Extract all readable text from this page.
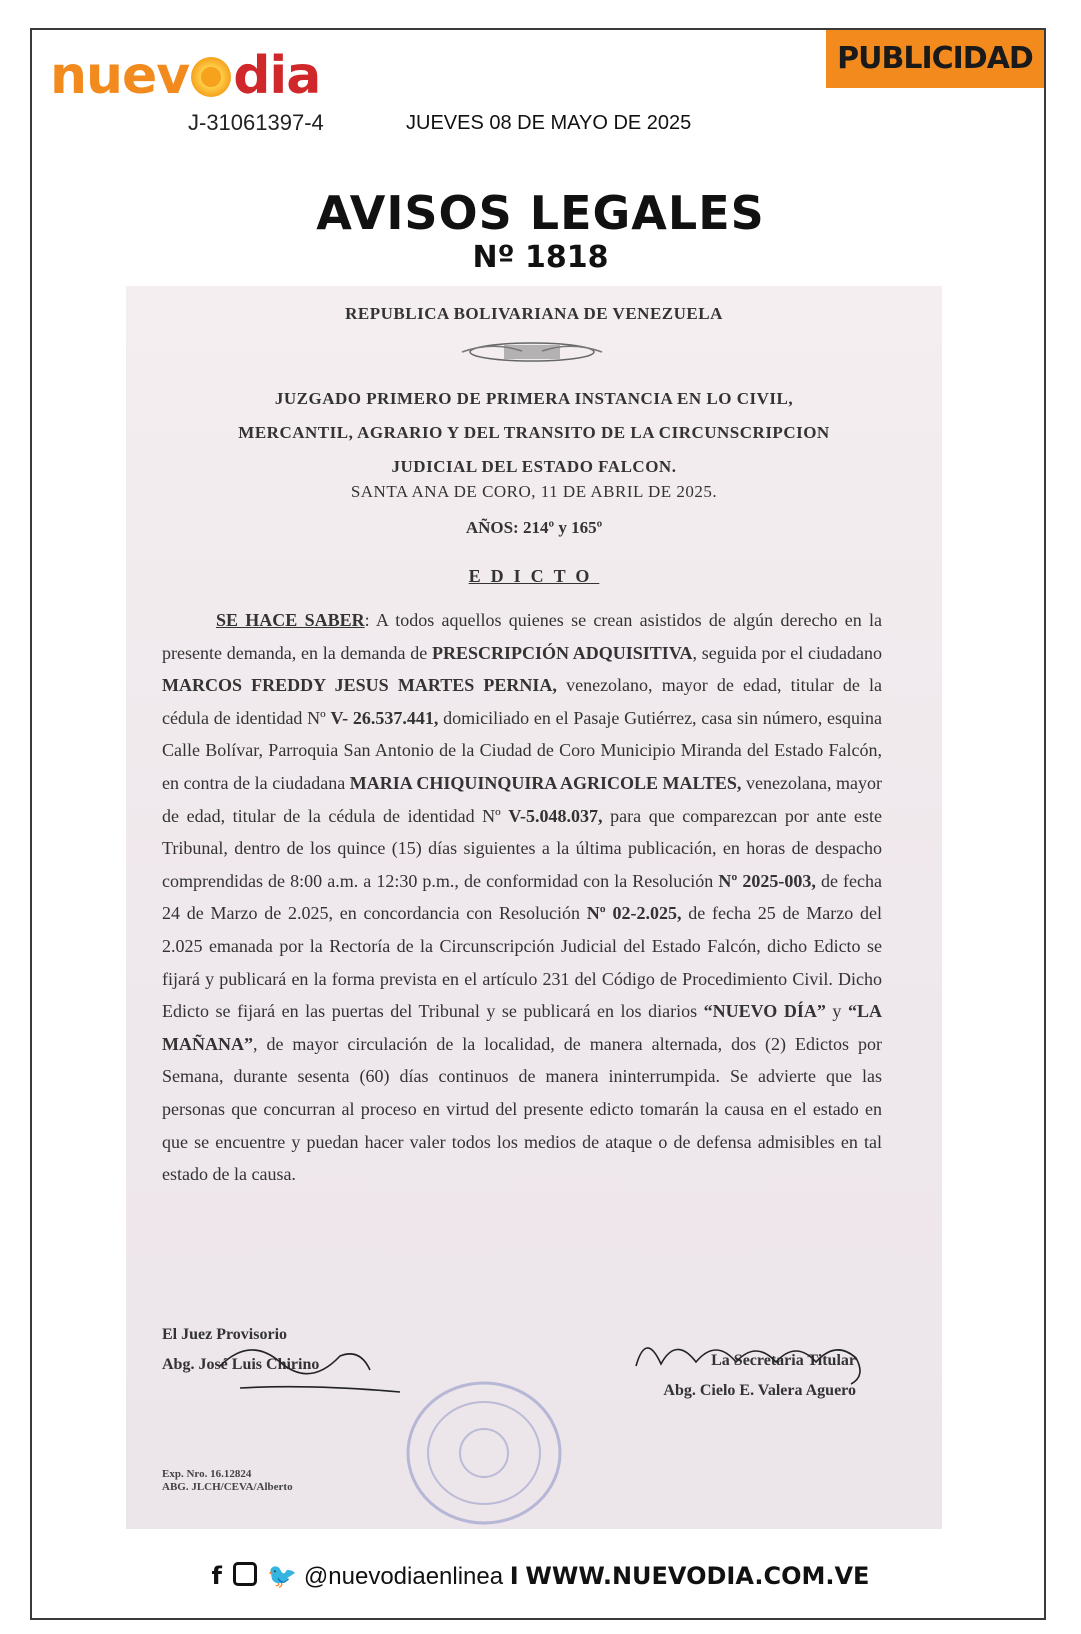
nuev dia
J-31061397-4	JUEVES 08 DE MAYO DE 2025
PUBLICIDAD
AVISOS LEGALES
Nº 1818
REPUBLICA BOLIVARIANA DE VENEZUELA
JUZGADO PRIMERO DE PRIMERA INSTANCIA EN LO CIVIL,
MERCANTIL, AGRARIO Y DEL TRANSITO DE LA CIRCUNSCRIPCION
JUDICIAL DEL ESTADO FALCON.
SANTA ANA DE CORO, 11 DE ABRIL DE 2025.
AÑOS: 214º y 165º
EDICTO
SE HACE SABER: A todos aquellos quienes se crean asistidos de algún derecho en la presente demanda, en la demanda de PRESCRIPCIÓN ADQUISITIVA, seguida por el ciudadano MARCOS FREDDY JESUS MARTES PERNIA, venezolano, mayor de edad, titular de la cédula de identidad Nº V- 26.537.441, domiciliado en el Pasaje Gutiérrez, casa sin número, esquina Calle Bolívar, Parroquia San Antonio de la Ciudad de Coro Municipio Miranda del Estado Falcón, en contra de la ciudadana MARIA CHIQUINQUIRA AGRICOLE MALTES, venezolana, mayor de edad, titular de la cédula de identidad Nº V-5.048.037, para que comparezcan por ante este Tribunal, dentro de los quince (15) días siguientes a la última publicación, en horas de despacho comprendidas de 8:00 a.m. a 12:30 p.m., de conformidad con la Resolución Nº 2025-003, de fecha 24 de Marzo de 2.025, en concordancia con Resolución Nº 02-2.025, de fecha 25 de Marzo del 2.025 emanada por la Rectoría de la Circunscripción Judicial del Estado Falcón, dicho Edicto se fijará y publicará en la forma prevista en el artículo 231 del Código de Procedimiento Civil. Dicho Edicto se fijará en las puertas del Tribunal y se publicará en los diarios “NUEVO DÍA” y “LA MAÑANA”, de mayor circulación de la localidad, de manera alternada, dos (2) Edictos por Semana, durante sesenta (60) días continuos de manera ininterrumpida. Se advierte que las personas que concurran al proceso en virtud del presente edicto tomarán la causa en el estado en que se encuentre y puedan hacer valer todos los medios de ataque o de defensa admisibles en tal estado de la causa.
El Juez Provisorio
Abg. José Luis Chirino	La Secretaria Titular
Abg. Cielo E. Valera Aguero
Exp. Nro. 16.12824
ABG. JLCH/CEVA/Alberto
f 🐦 @nuevodiaenlinea I WWW.NUEVODIA.COM.VE
